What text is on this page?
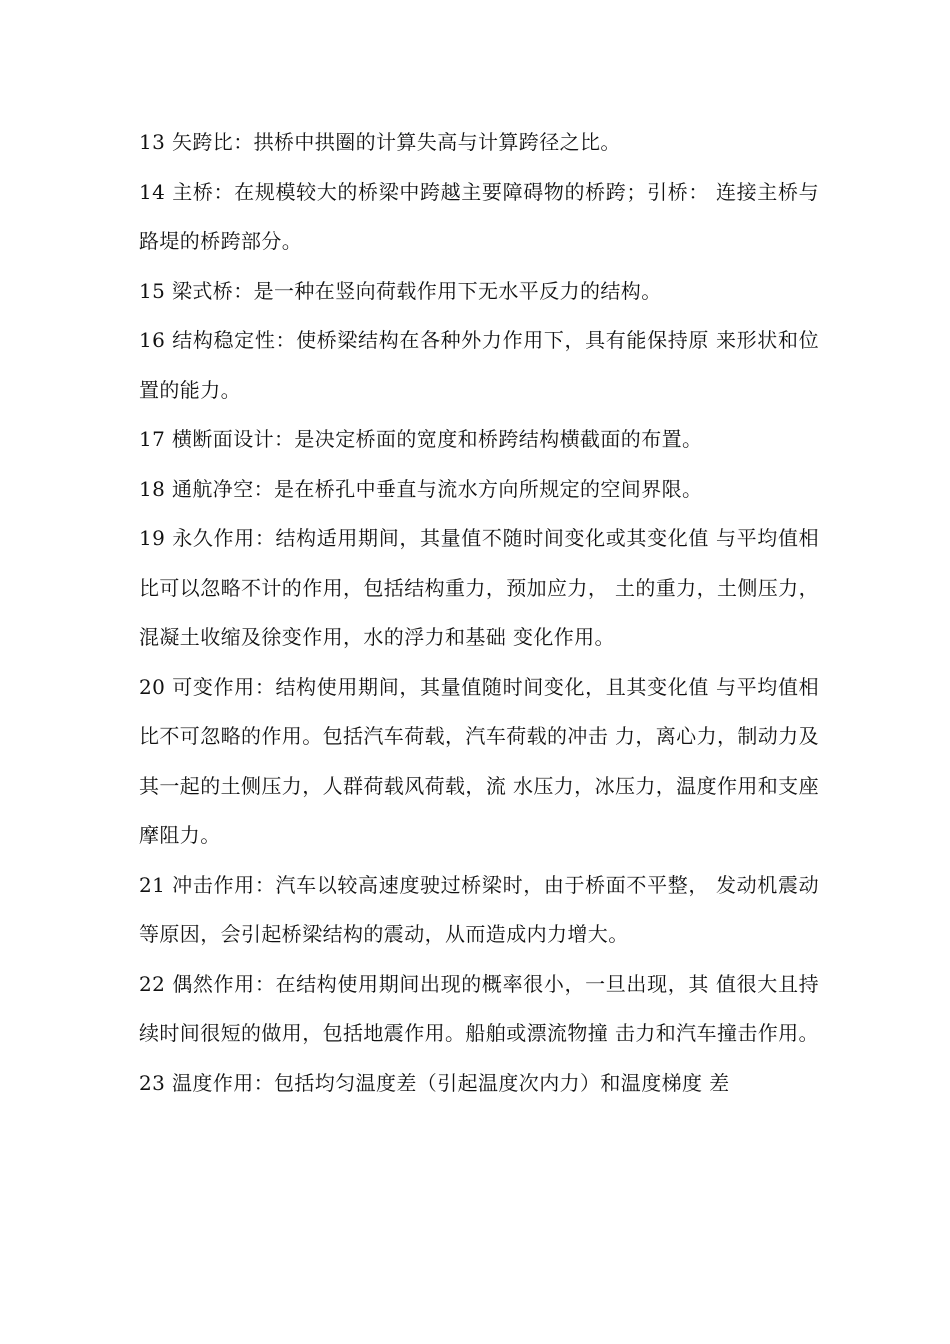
13 矢跨比：拱桥中拱圈的计算失高与计算跨径之比。

14 主桥：在规模较大的桥梁中跨越主要障碍物的桥跨；引桥： 连接主桥与路堤的桥跨部分。

15 梁式桥：是一种在竖向荷载作用下无水平反力的结构。

16 结构稳定性：使桥梁结构在各种外力作用下，具有能保持原 来形状和位置的能力。

17 横断面设计：是决定桥面的宽度和桥跨结构横截面的布置。

18 通航净空：是在桥孔中垂直与流水方向所规定的空间界限。

19 永久作用：结构适用期间，其量值不随时间变化或其变化值 与平均值相比可以忽略不计的作用，包括结构重力，预加应力， 土的重力，土侧压力，混凝土收缩及徐变作用，水的浮力和基础 变化作用。

20 可变作用：结构使用期间，其量值随时间变化，且其变化值 与平均值相比不可忽略的作用。包括汽车荷载，汽车荷载的冲击 力，离心力，制动力及其一起的土侧压力，人群荷载风荷载，流 水压力，冰压力，温度作用和支座摩阻力。

21 冲击作用：汽车以较高速度驶过桥梁时，由于桥面不平整， 发动机震动等原因，会引起桥梁结构的震动，从而造成内力增大。

22 偶然作用：在结构使用期间出现的概率很小，一旦出现，其 值很大且持续时间很短的做用，包括地震作用。船舶或漂流物撞 击力和汽车撞击作用。

23 温度作用：包括均匀温度差（引起温度次内力）和温度梯度 差
